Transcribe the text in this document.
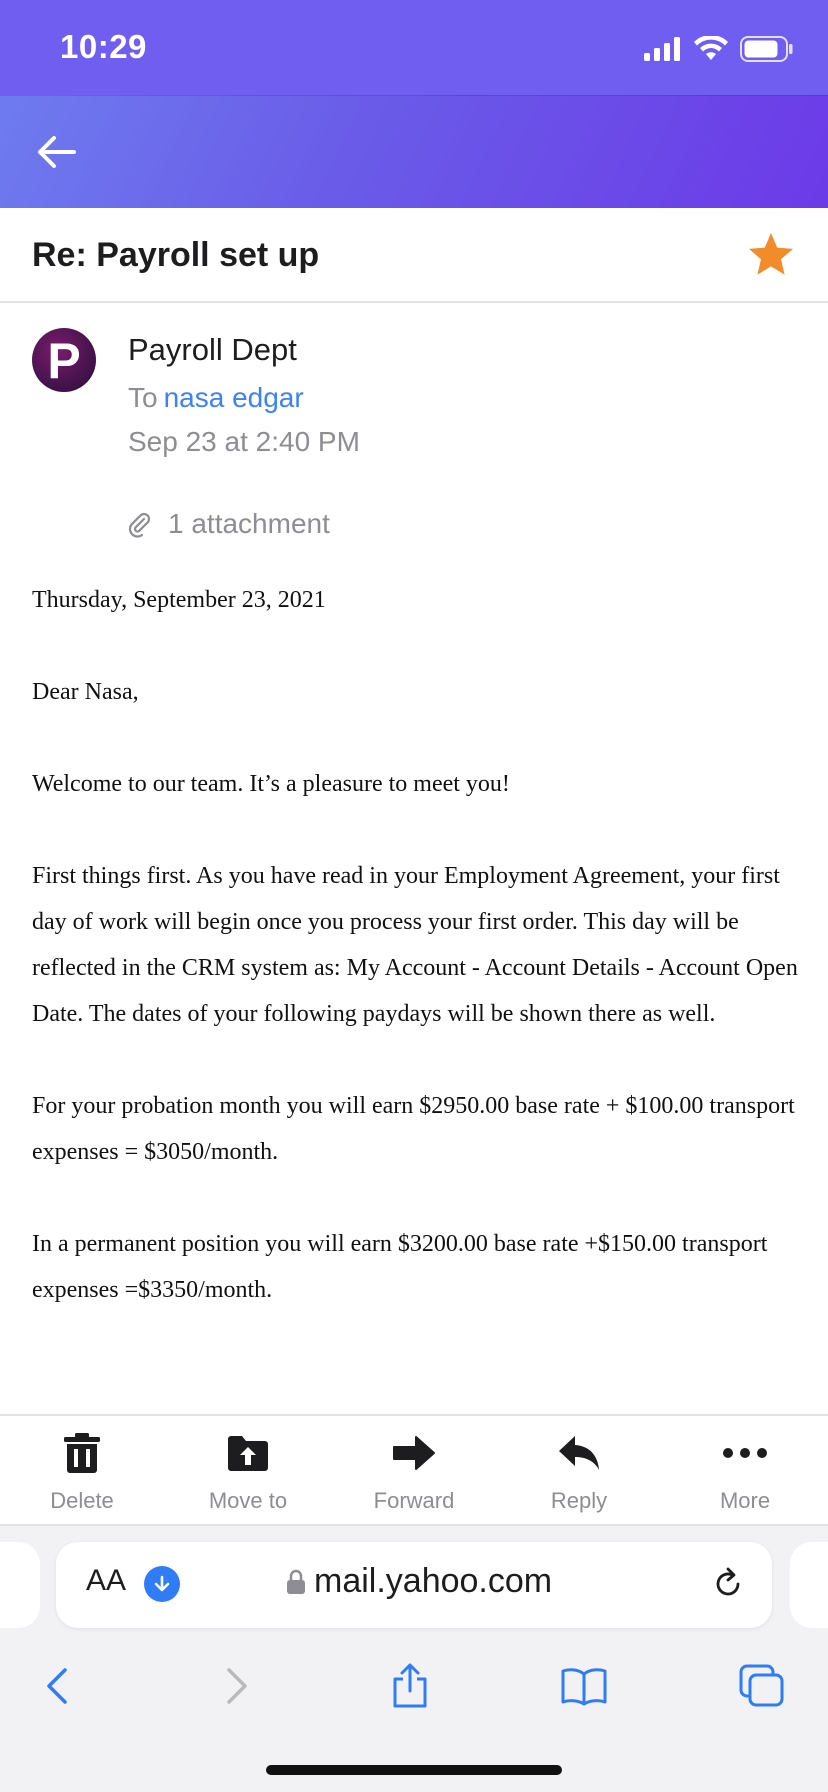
10:29
Re: Payroll set up
P Payroll Dept
To nasa edgar
Sep 23 at 2:40 PM
1 attachment

Thursday, September 23, 2021

Dear Nasa,

Welcome to our team. It’s a pleasure to meet you!

First things first. As you have read in your Employment Agreement, your first day of work will begin once you process your first order. This day will be reflected in the CRM system as: My Account - Account Details - Account Open Date. The dates of your following paydays will be shown there as well.

For your probation month you will earn $2950.00 base rate + $100.00 transport expenses = $3050/month.

In a permanent position you will earn $3200.00 base rate +$150.00 transport expenses =$3350/month.

Delete	Move to	Forward	Reply	More
AA	mail.yahoo.com
